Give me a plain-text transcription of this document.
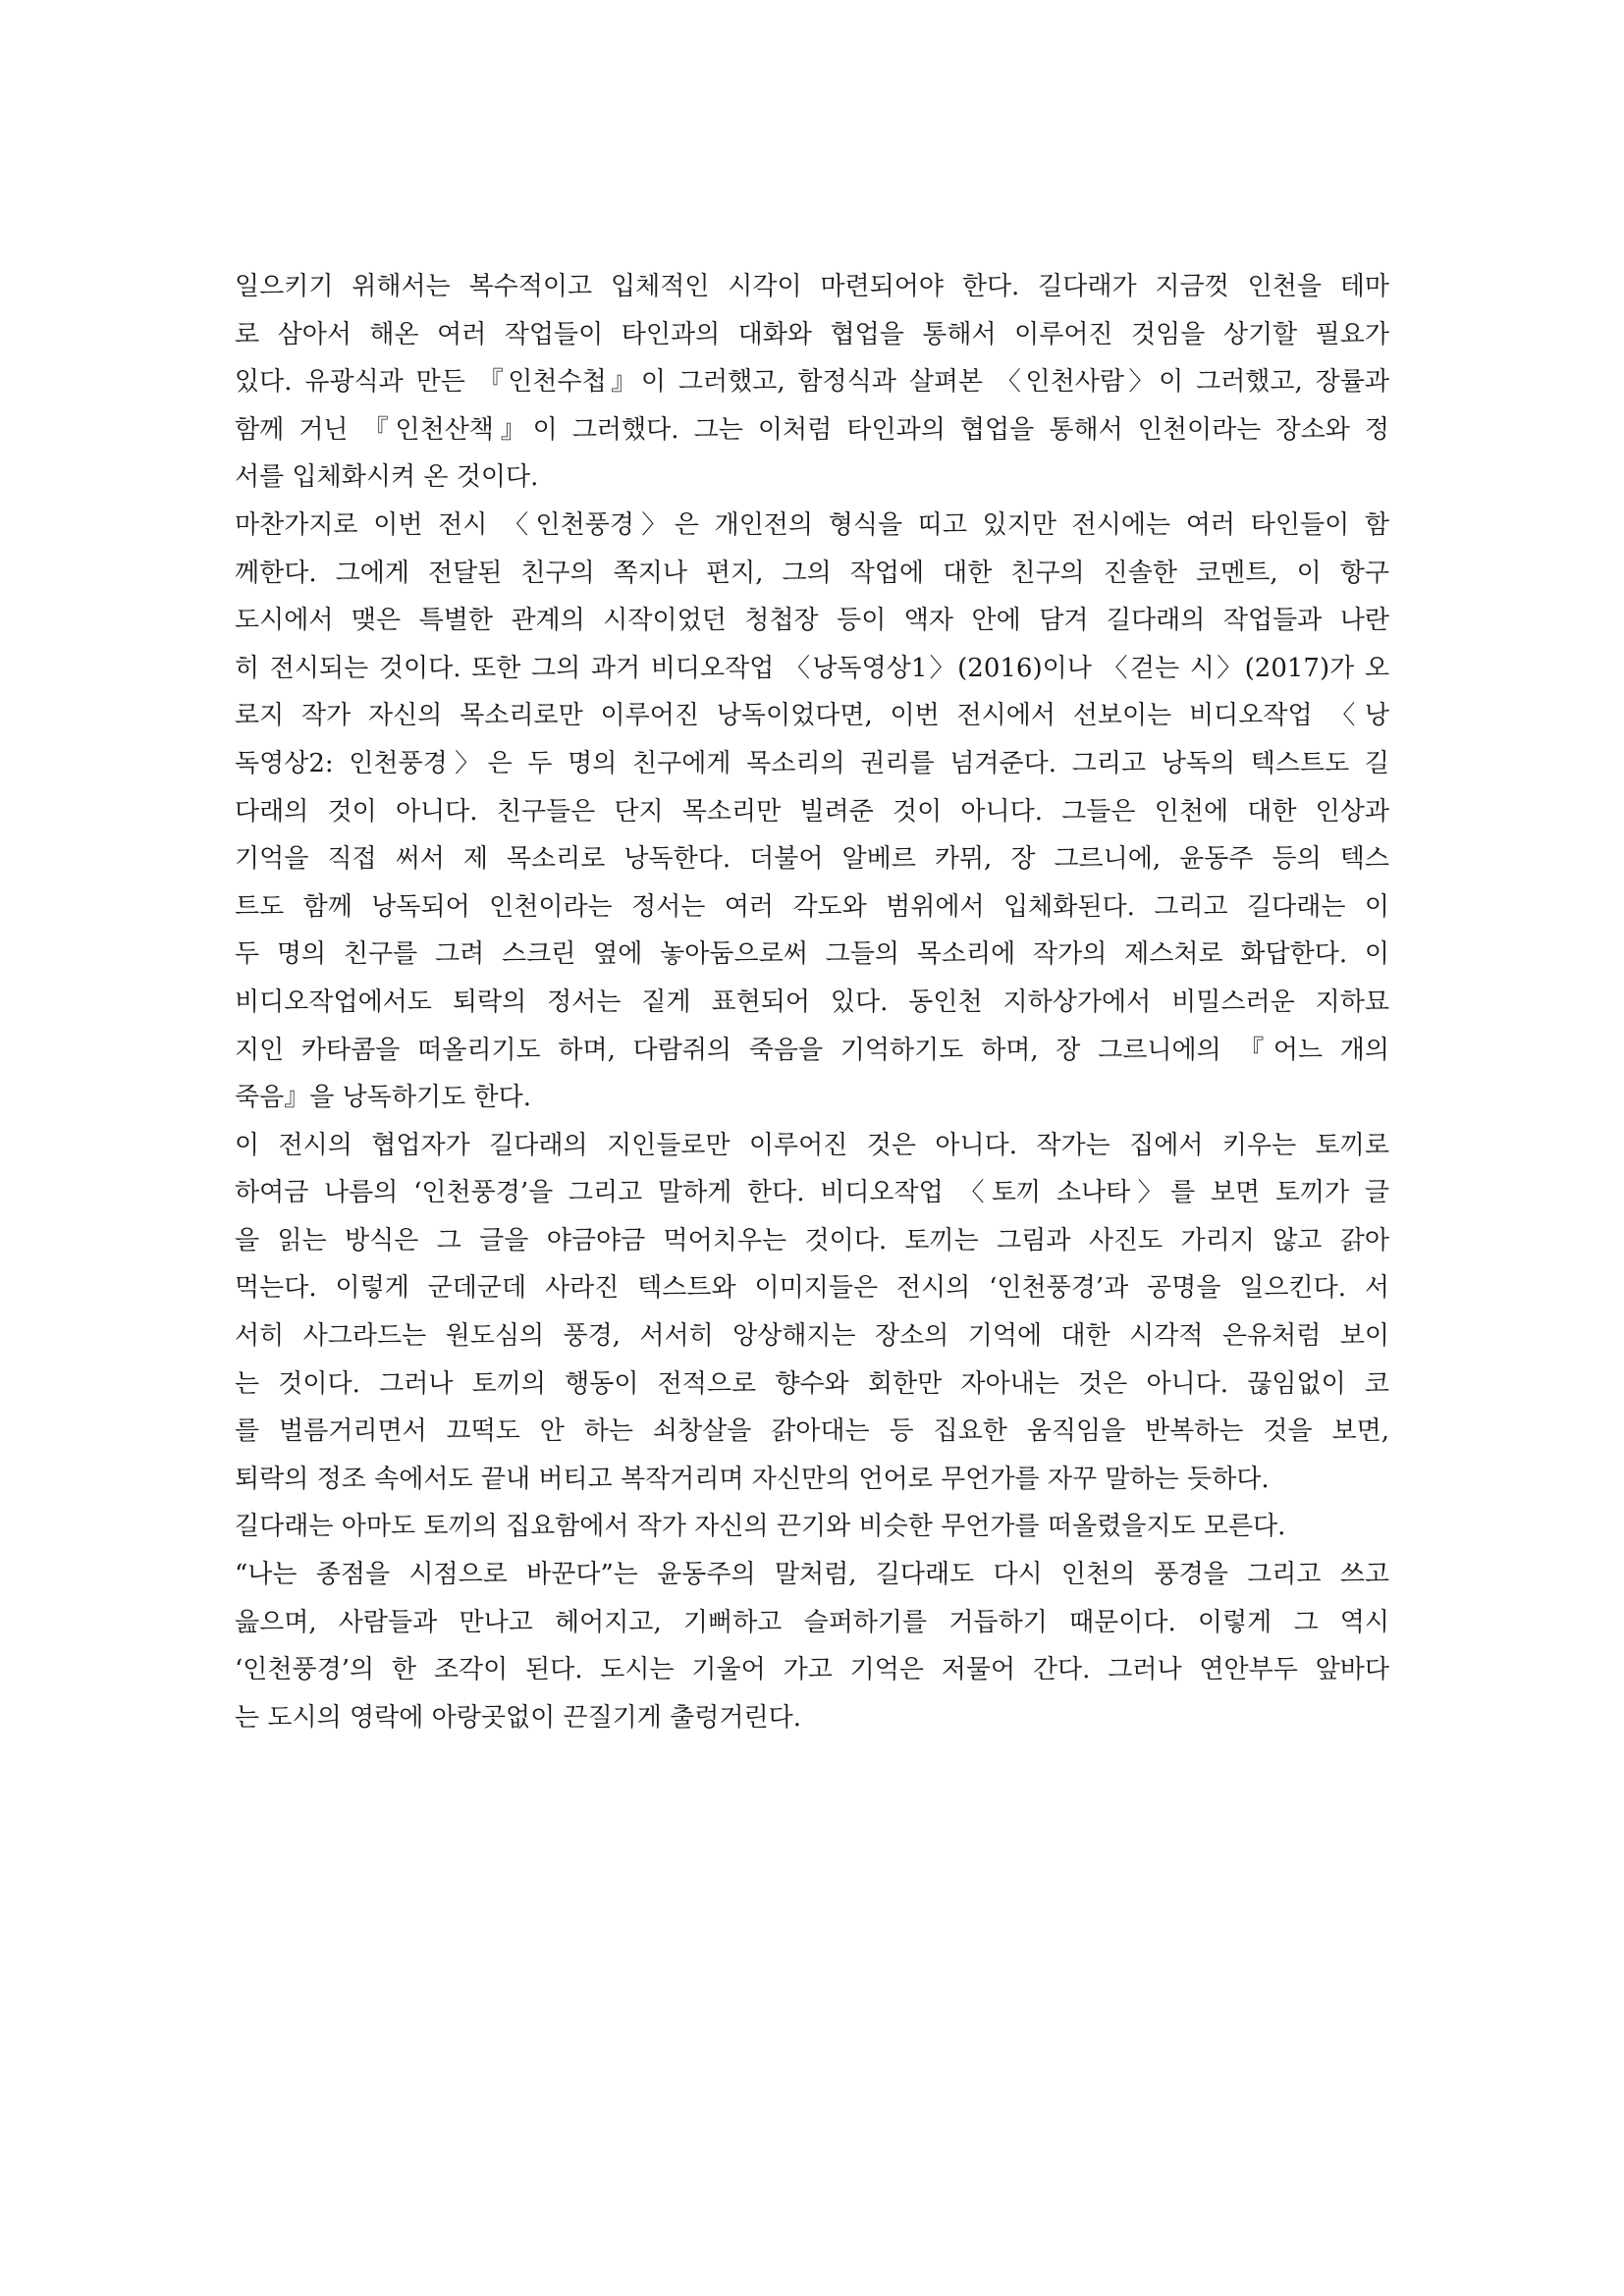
일으키기 위해서는 복수적이고 입체적인 시각이 마련되어야 한다. 길다래가 지금껏 인천을 테마
로 삼아서 해온 여러 작업들이 타인과의 대화와 협업을 통해서 이루어진 것임을 상기할 필요가
있다. 유광식과 만든 『인천수첩』이 그러했고, 함정식과 살펴본 〈인천사람〉이 그러했고, 장률과
함께 거닌 『인천산책』이 그러했다. 그는 이처럼 타인과의 협업을 통해서 인천이라는 장소와 정
서를 입체화시켜 온 것이다.
마찬가지로 이번 전시 〈인천풍경〉은 개인전의 형식을 띠고 있지만 전시에는 여러 타인들이 함
께한다. 그에게 전달된 친구의 쪽지나 편지, 그의 작업에 대한 친구의 진솔한 코멘트, 이 항구
도시에서 맺은 특별한 관계의 시작이었던 청첩장 등이 액자 안에 담겨 길다래의 작업들과 나란
히 전시되는 것이다. 또한 그의 과거 비디오작업 〈낭독영상1〉(2016)이나 〈걷는 시〉(2017)가 오
로지 작가 자신의 목소리로만 이루어진 낭독이었다면, 이번 전시에서 선보이는 비디오작업 〈낭
독영상2: 인천풍경〉은 두 명의 친구에게 목소리의 권리를 넘겨준다. 그리고 낭독의 텍스트도 길
다래의 것이 아니다. 친구들은 단지 목소리만 빌려준 것이 아니다. 그들은 인천에 대한 인상과
기억을 직접 써서 제 목소리로 낭독한다. 더불어 알베르 카뮈, 장 그르니에, 윤동주 등의 텍스
트도 함께 낭독되어 인천이라는 정서는 여러 각도와 범위에서 입체화된다. 그리고 길다래는 이
두 명의 친구를 그려 스크린 옆에 놓아둠으로써 그들의 목소리에 작가의 제스처로 화답한다. 이
비디오작업에서도 퇴락의 정서는 짙게 표현되어 있다. 동인천 지하상가에서 비밀스러운 지하묘
지인 카타콤을 떠올리기도 하며, 다람쥐의 죽음을 기억하기도 하며, 장 그르니에의 『어느 개의
죽음』을 낭독하기도 한다.
이 전시의 협업자가 길다래의 지인들로만 이루어진 것은 아니다. 작가는 집에서 키우는 토끼로
하여금 나름의 ‘인천풍경’을 그리고 말하게 한다. 비디오작업 〈토끼 소나타〉를 보면 토끼가 글
을 읽는 방식은 그 글을 야금야금 먹어치우는 것이다. 토끼는 그림과 사진도 가리지 않고 갉아
먹는다. 이렇게 군데군데 사라진 텍스트와 이미지들은 전시의 ‘인천풍경’과 공명을 일으킨다. 서
서히 사그라드는 원도심의 풍경, 서서히 앙상해지는 장소의 기억에 대한 시각적 은유처럼 보이
는 것이다. 그러나 토끼의 행동이 전적으로 향수와 회한만 자아내는 것은 아니다. 끊임없이 코
를 벌름거리면서 끄떡도 안 하는 쇠창살을 갉아대는 등 집요한 움직임을 반복하는 것을 보면,
퇴락의 정조 속에서도 끝내 버티고 복작거리며 자신만의 언어로 무언가를 자꾸 말하는 듯하다.
길다래는 아마도 토끼의 집요함에서 작가 자신의 끈기와 비슷한 무언가를 떠올렸을지도 모른다.
“나는 종점을 시점으로 바꾼다”는 윤동주의 말처럼, 길다래도 다시 인천의 풍경을 그리고 쓰고
읊으며, 사람들과 만나고 헤어지고, 기뻐하고 슬퍼하기를 거듭하기 때문이다. 이렇게 그 역시
‘인천풍경’의 한 조각이 된다. 도시는 기울어 가고 기억은 저물어 간다. 그러나 연안부두 앞바다
는 도시의 영락에 아랑곳없이 끈질기게 출렁거린다.
